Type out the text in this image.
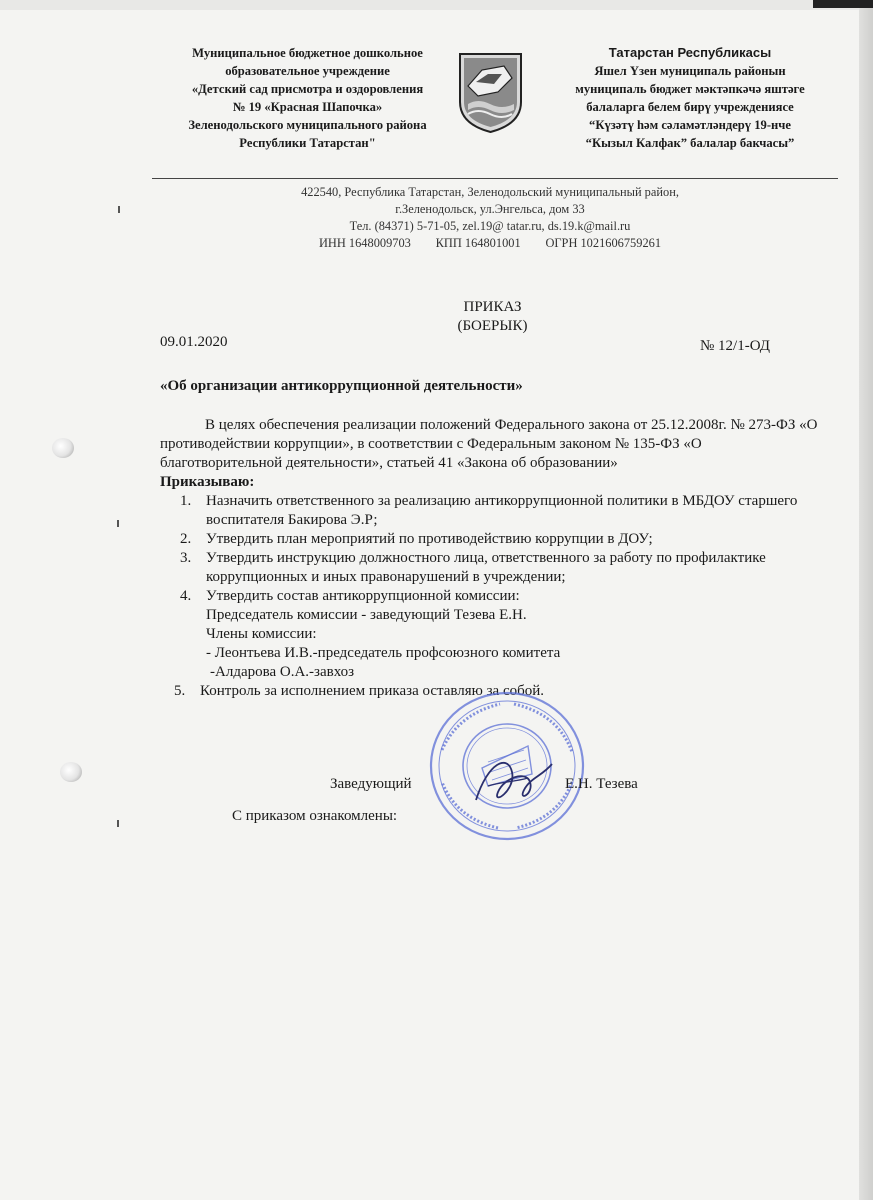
Муниципальное бюджетное дошкольное
образовательное учреждение
«Детский сад присмотра и оздоровления
№ 19 «Красная Шапочка»
Зеленодольского муниципального района
Республики Татарстан"
Татарстан Республикасы
Яшел Үзен муниципаль районын
муниципаль бюджет мәктәпкәчә яштәге
балаларга белем бирү учреждениясе
“Күзәтү һәм сәламәтләндерү 19-нче
“Кызыл Калфак” балалар бакчасы”
422540, Республика Татарстан, Зеленодольский муниципальный район,
г.Зеленодольск, ул.Энгельса, дом 33
Тел. (84371) 5-71-05, zel.19@ tatar.ru, ds.19.k@mail.ru
ИНН 1648009703        КПП 164801001        ОГРН 1021606759261
ПРИКАЗ
(БОЕРЫК)
09.01.2020	№ 12/1-ОД
«Об организации антикоррупционной деятельности»

В целях обеспечения реализации положений Федерального закона от 25.12.2008г. № 273-ФЗ «О противодействии коррупции», в соответствии с Федеральным законом № 135-ФЗ «О благотворительной деятельности», статьей 41 «Закона об образовании»

Приказываю:

1. Назначить ответственного за реализацию антикоррупционной политики в МБДОУ старшего воспитателя Бакирова Э.Р;
2. Утвердить план мероприятий по противодействию коррупции в ДОУ;
3. Утвердить инструкцию должностного лица, ответственного за работу по профилактике коррупционных и иных правонарушений в учреждении;
4. Утвердить состав антикоррупционной комиссии:
Председатель комиссии - заведующий Тезева Е.Н.
Члены комиссии:
- Леонтьева И.В.-председатель профсоюзного комитета
-Алдарова О.А.-завхоз
5. Контроль за исполнением приказа оставляю за собой.
Заведующий	Е.Н. Тезева
С приказом ознакомлены:
